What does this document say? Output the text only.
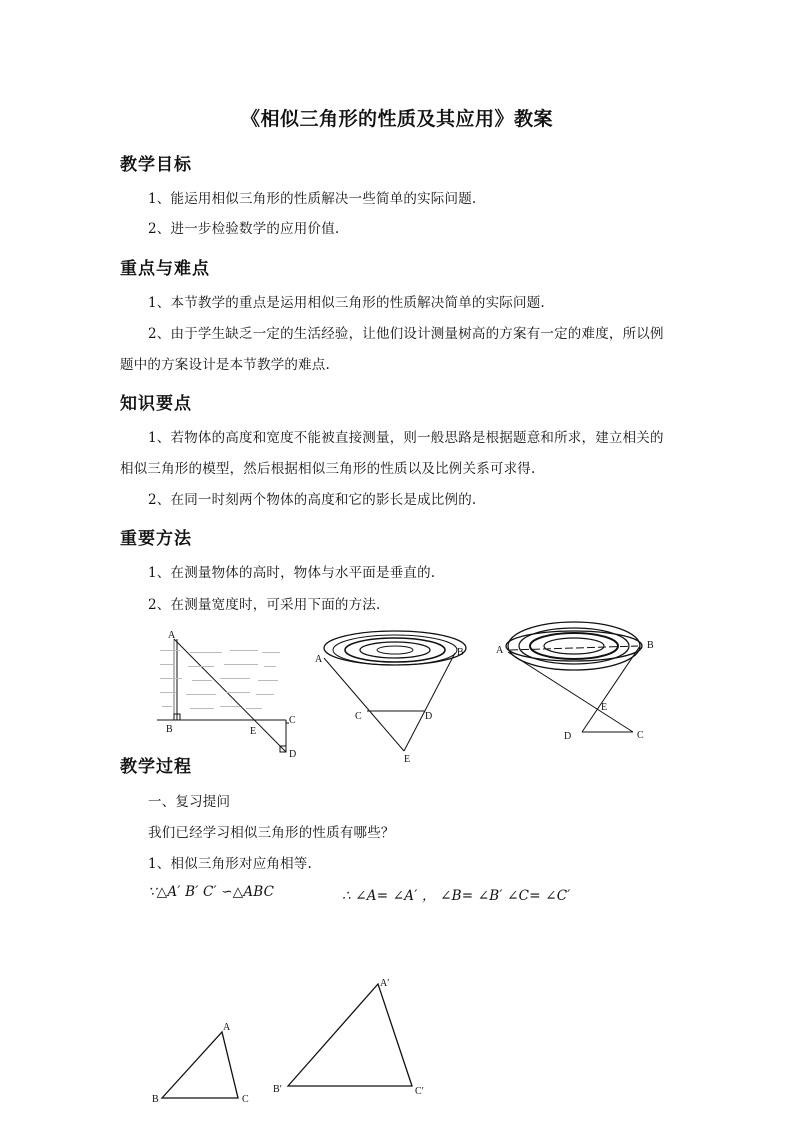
《相似三角形的性质及其应用》教案
教学目标
1、能运用相似三角形的性质解决一些简单的实际问题.
2、进一步检验数学的应用价值.
重点与难点
1、本节教学的重点是运用相似三角形的性质解决简单的实际问题.
2、由于学生缺乏一定的生活经验，让他们设计测量树高的方案有一定的难度，所以例
题中的方案设计是本节教学的难点.
知识要点
1、若物体的高度和宽度不能被直接测量，则一般思路是根据题意和所求，建立相关的
相似三角形的模型，然后根据相似三角形的性质以及比例关系可求得.
2、在同一时刻两个物体的高度和它的影长是成比例的.
重要方法
1、在测量物体的高时，物体与水平面是垂直的.
2、在测量宽度时，可采用下面的方法.
A
B	E
C
D
A
B
C	D
E
A	B
E
D	C
教学过程
一、复习提问
我们已经学习相似三角形的性质有哪些？
1、相似三角形对应角相等.
∵△A′ B′ C′ ∽△ABC	∴ ∠A= ∠A′ ， ∠B= ∠B′ ∠C= ∠C′
A
B	C
A′
B′	C′
